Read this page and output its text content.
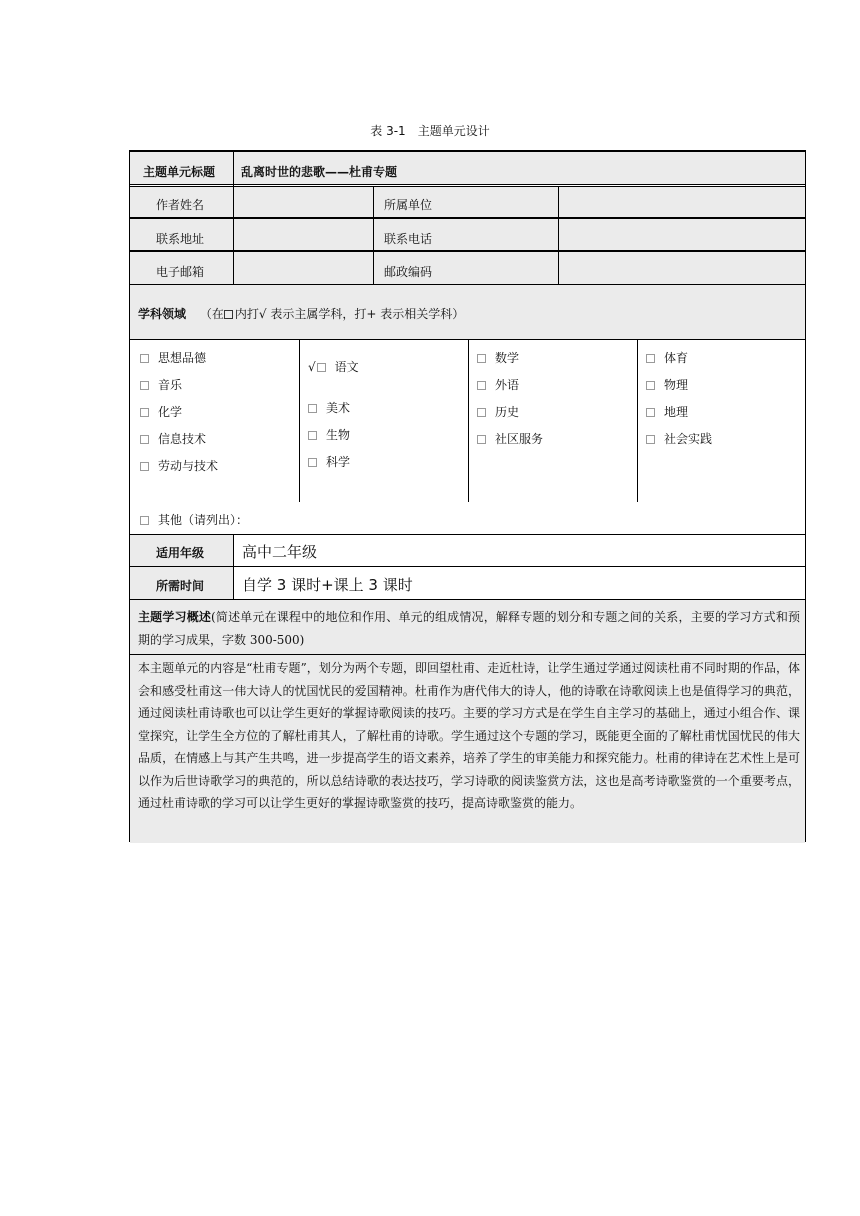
表 3-1　主题单元设计
主题单元标题 乱离时世的悲歌——杜甫专题
作者姓名	所属单位
联系地址	联系电话
电子邮箱	邮政编码
学科领域 （在 内打√ 表示主属学科，打+ 表示相关学科）
思想品德
音乐
化学
信息技术
劳动与技术
√ 语文
美术
生物
科学
数学
外语
历史
社区服务
体育
物理
地理
社会实践
其他（请列出）：
适用年级	高中二年级
所需时间	自学 3 课时+课上 3 课时
主题学习概述(简述单元在课程中的地位和作用、单元的组成情况，解释专题的划分和专题之间的关系，主要的学习方式和预期的学习成果，字数 300-500)
本主题单元的内容是“杜甫专题”，划分为两个专题，即回望杜甫、走近杜诗，让学生通过学通过阅读杜甫不同时期的作品，体会和感受杜甫这一伟大诗人的忧国忧民的爱国精神。杜甫作为唐代伟大的诗人，他的诗歌在诗歌阅读上也是值得学习的典范，通过阅读杜甫诗歌也可以让学生更好的掌握诗歌阅读的技巧。主要的学习方式是在学生自主学习的基础上，通过小组合作、课堂探究，让学生全方位的了解杜甫其人，了解杜甫的诗歌。学生通过这个专题的学习，既能更全面的了解杜甫忧国忧民的伟大品质，在情感上与其产生共鸣，进一步提高学生的语文素养，培养了学生的审美能力和探究能力。杜甫的律诗在艺术性上是可以作为后世诗歌学习的典范的，所以总结诗歌的表达技巧，学习诗歌的阅读鉴赏方法，这也是高考诗歌鉴赏的一个重要考点，通过杜甫诗歌的学习可以让学生更好的掌握诗歌鉴赏的技巧，提高诗歌鉴赏的能力。
